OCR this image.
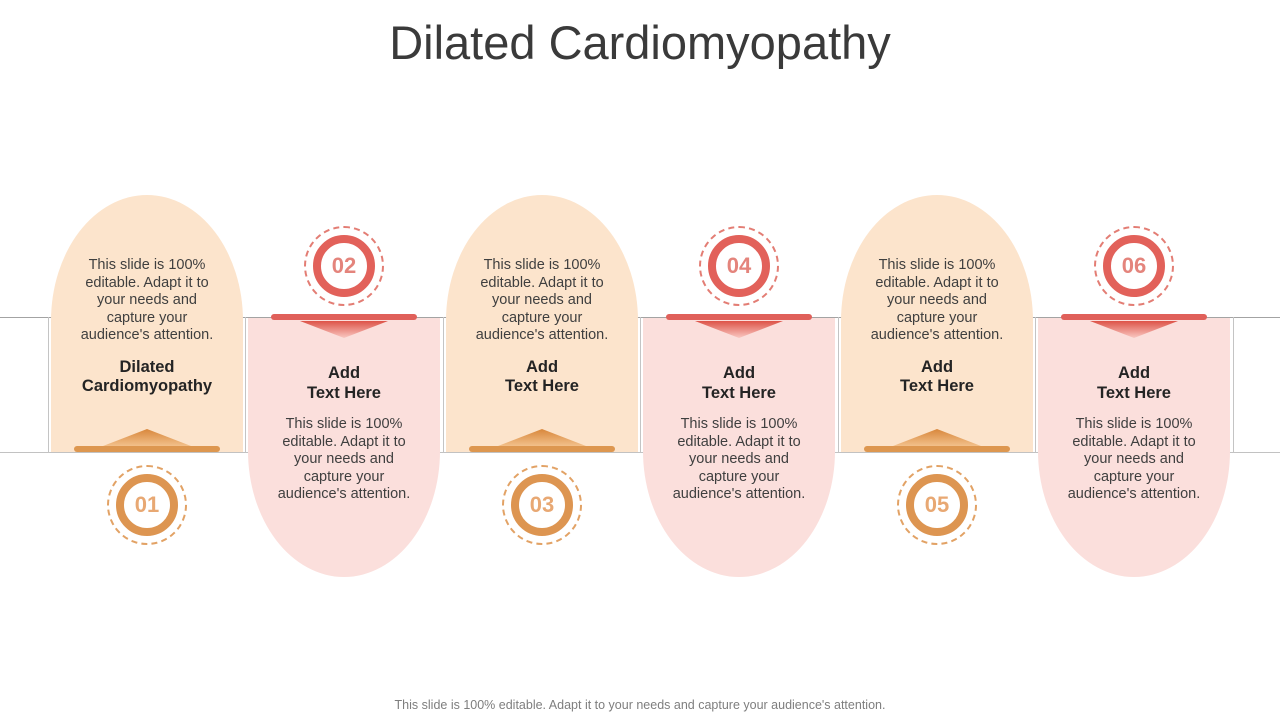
Dilated Cardiomyopathy

This slide is 100% editable. Adapt it to your needs and capture your audience's attention.

Dilated
Cardiomyopathy
01
Add
Text Here

This slide is 100% editable. Adapt it to your needs and capture your audience's attention.

02	This slide is 100% editable. Adapt it to your needs and capture your audience's attention.

Add
Text Here
03
Add
Text Here

This slide is 100% editable. Adapt it to your needs and capture your audience's attention.

04	This slide is 100% editable. Adapt it to your needs and capture your audience's attention.

Add
Text Here
05
Add
Text Here

This slide is 100% editable. Adapt it to your needs and capture your audience's attention.

06
This slide is 100% editable. Adapt it to your needs and capture your audience's attention.
